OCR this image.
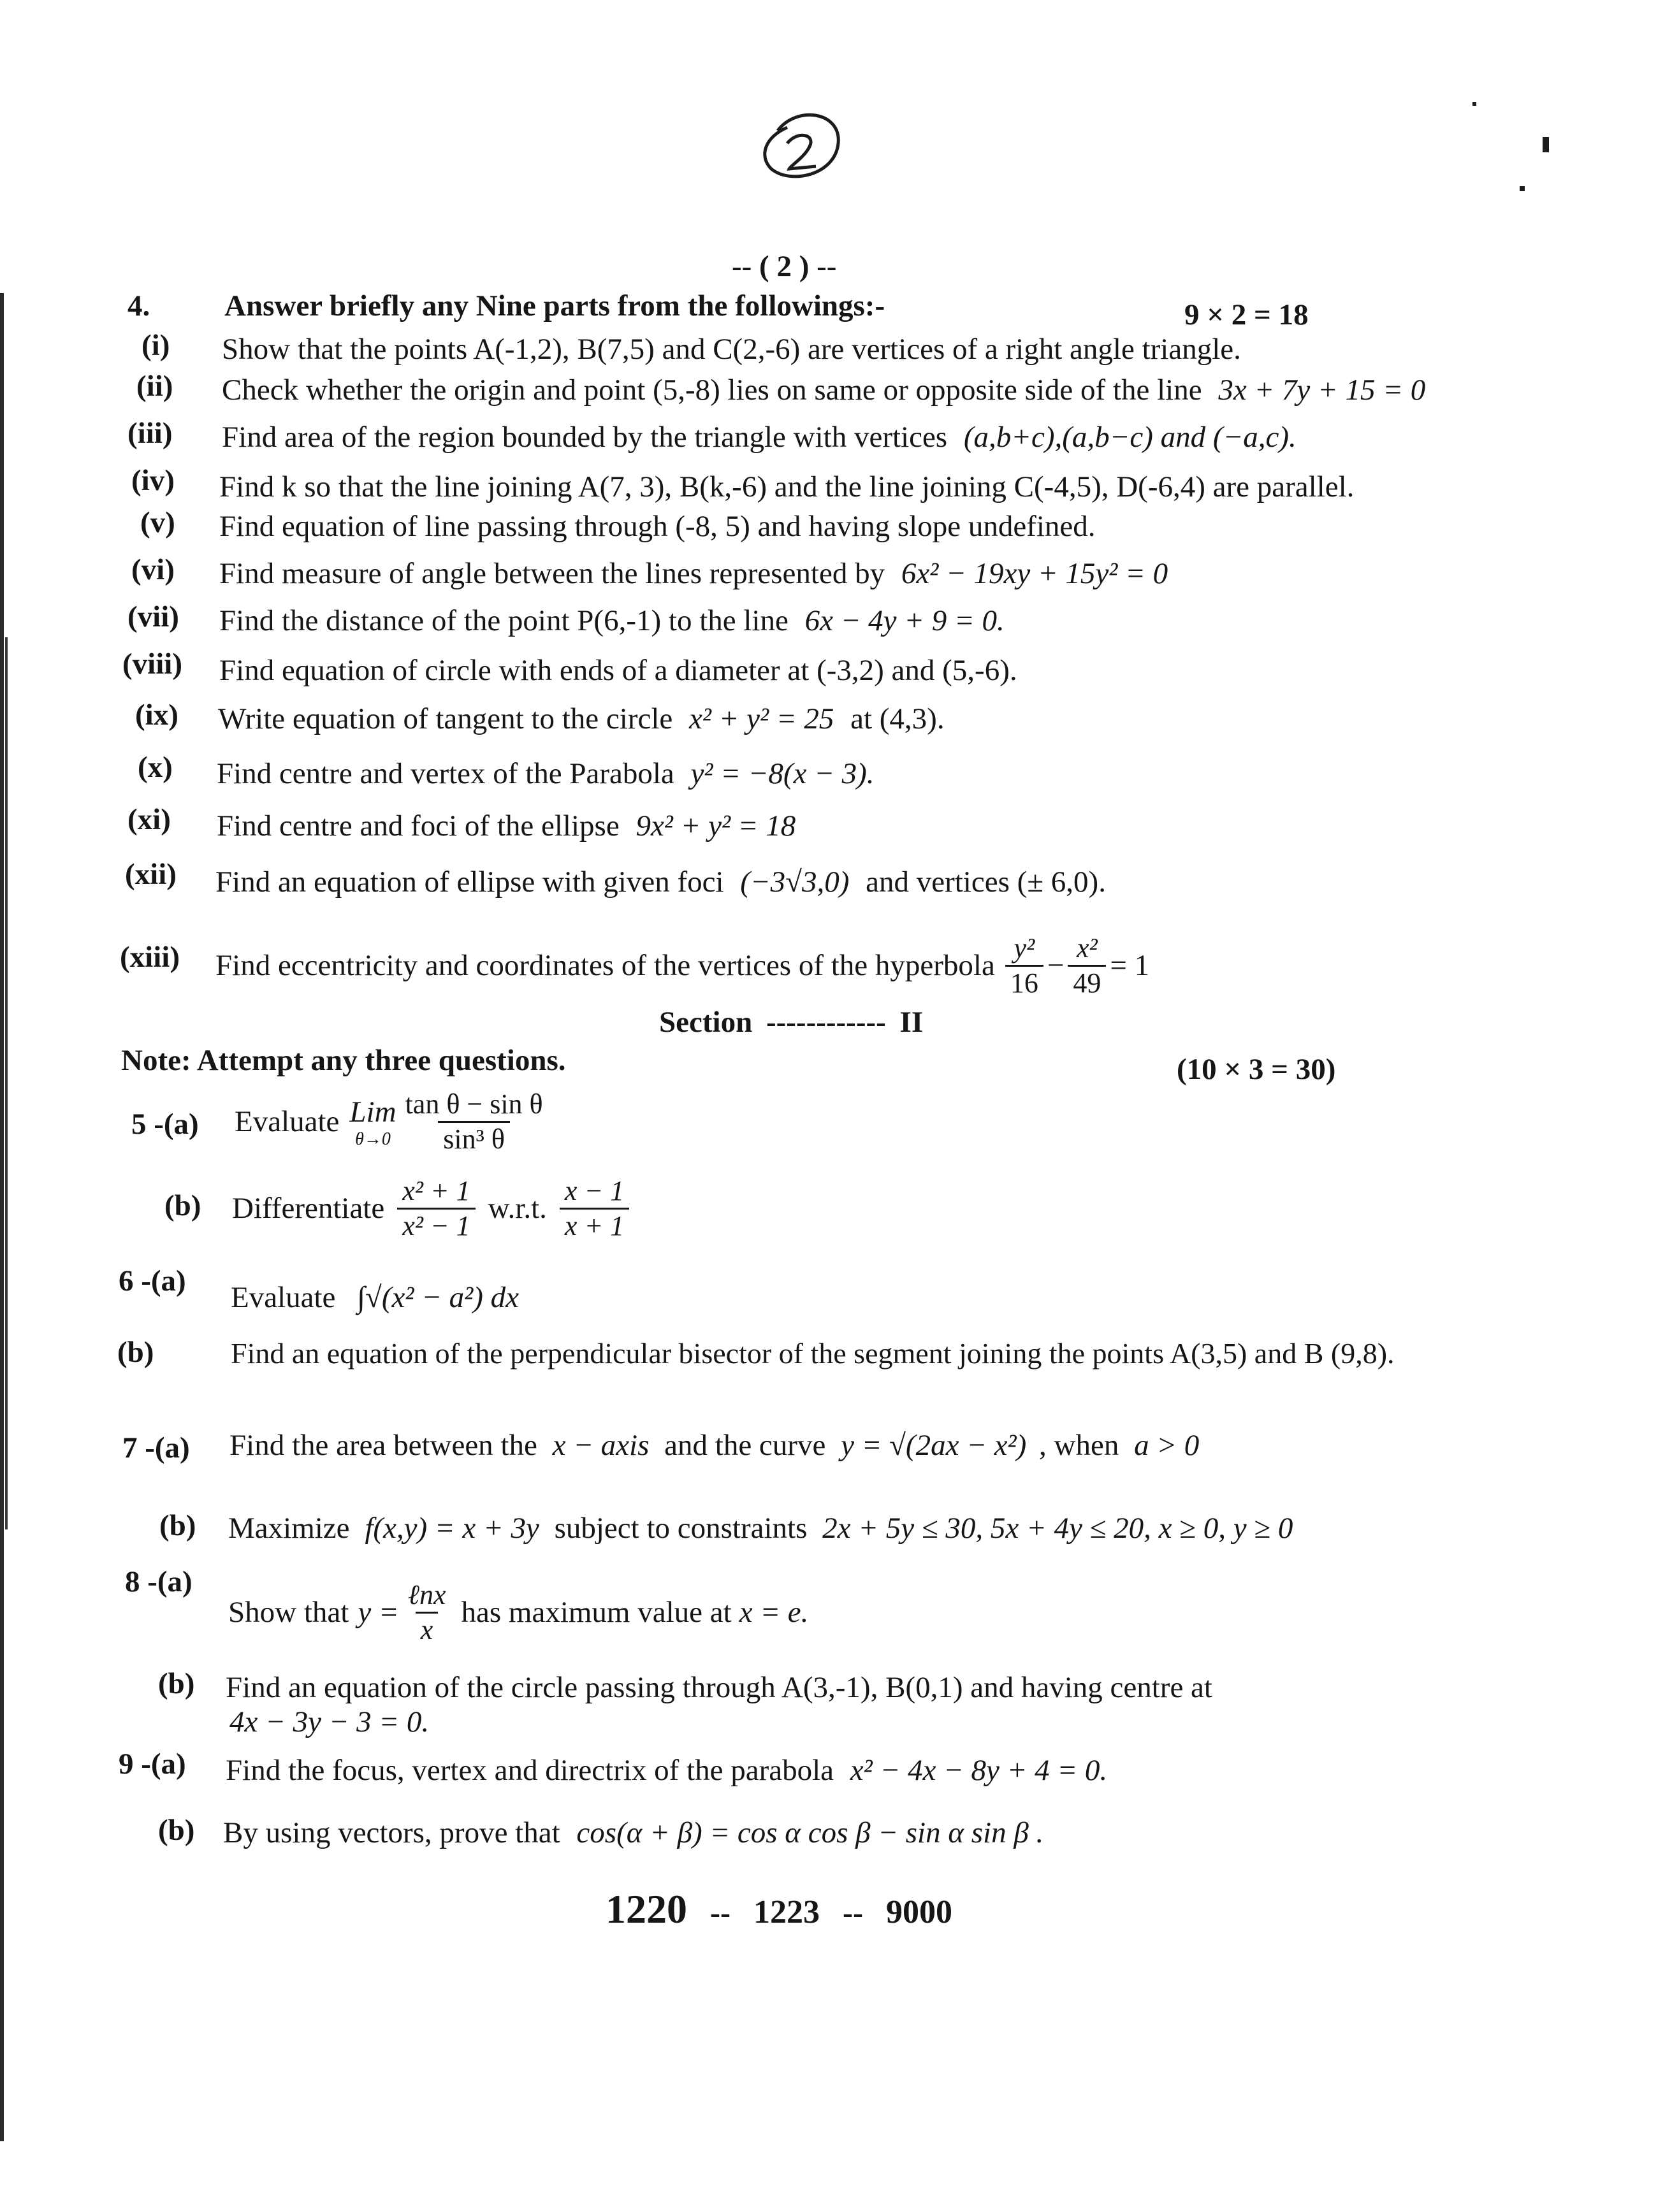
-- ( 2 ) --
4. Answer briefly any Nine parts from the followings:-	9 × 2 = 18
(i) Show that the points A(-1,2), B(7,5) and C(2,-6) are vertices of a right angle triangle.
(ii) Check whether the origin and point (5,-8) lies on same or opposite side of the line 3x + 7y + 15 = 0
(iii) Find area of the region bounded by the triangle with vertices (a,b+c),(a,b−c) and (−a,c).
(iv) Find k so that the line joining A(7, 3), B(k,-6) and the line joining C(-4,5), D(-6,4) are parallel.
(v) Find equation of line passing through (-8, 5) and having slope undefined.
(vi) Find measure of angle between the lines represented by 6x² − 19xy + 15y² = 0
(vii) Find the distance of the point P(6,-1) to the line 6x − 4y + 9 = 0.
(viii) Find equation of circle with ends of a diameter at (-3,2) and (5,-6).
(ix) Write equation of tangent to the circle x² + y² = 25 at (4,3).
(x) Find centre and vertex of the Parabola y² = −8(x − 3).
(xi) Find centre and foci of the ellipse 9x² + y² = 18
(xii) Find an equation of ellipse with given foci (−3√3,0) and vertices (± 6,0).
(xiii) Find eccentricity and coordinates of the vertices of the hyperbola $\frac{\text{y²}}{16} - \frac{\text{x²}}{49} = 1$
Section ------------ II
Note: Attempt any three questions.	(10 × 3 = 30)
5 -(a) Evaluate Lim
$\theta\to 0 \frac{\text{tan θ − sin θ}}{\text{sin³ θ}}$
(b) Differentiate $\frac{\text{x² + 1}}{\text{x² − 1}} w.r.t$. $\frac{x - 1}{x + 1}$
6 -(a) Evaluate ∫√(x² − a²) dx
(b)	Find an equation of the perpendicular bisector of the segment joining the points A(3,5) and B (9,8).
7 -(a) Find the area between the x − axis and the curve y = √(2ax − x²) , when a > 0
(b) Maximize f(x,y) = x + 3y subject to constraints 2x + 5y ≤ 30, 5x + 4y ≤ 20, x ≥ 0, y ≥ 0
8 -(a)
Show that $y = \frac{\text{ℓnx}}{x}$ has maximum value at x = e.
(b) Find an equation of the circle passing through A(3,-1), B(0,1) and having centre at
4x − 3y − 3 = 0.
9 -(a) Find the focus, vertex and directrix of the parabola x² − 4x − 8y + 4 = 0.
(b) By using vectors, prove that cos(α + β) = cos α cos β − sin α sin β .
1220 -- 1223 -- 9000
